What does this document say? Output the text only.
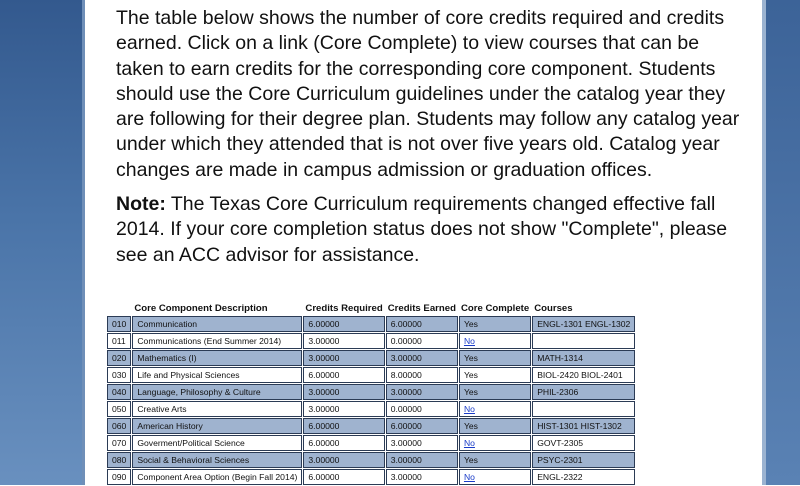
The table below shows the number of core credits required and credits earned. Click on a link (Core Complete) to view courses that can be taken to earn credits for the corresponding core component. Students should use the Core Curriculum guidelines under the catalog year they are following for their degree plan. Students may follow any catalog year under which they attended that is not over five years old. Catalog year changes are made in campus admission or graduation offices.

Note: The Texas Core Curriculum requirements changed effective fall 2014. If your core completion status does not show "Complete", please see an ACC advisor for assistance.

	Core Component Description	Credits Required	Credits Earned	Core Complete	Courses
010	Communication	6.00000	6.00000	Yes	ENGL-1301 ENGL-1302
011	Communications (End Summer 2014)	3.00000	0.00000	No	
020	Mathematics (I)	3.00000	3.00000	Yes	MATH-1314
030	Life and Physical Sciences	6.00000	8.00000	Yes	BIOL-2420 BIOL-2401
040	Language, Philosophy & Culture	3.00000	3.00000	Yes	PHIL-2306
050	Creative Arts	3.00000	0.00000	No	
060	American History	6.00000	6.00000	Yes	HIST-1301 HIST-1302
070	Goverment/Political Science	6.00000	3.00000	No	GOVT-2305
080	Social & Behavioral Sciences	3.00000	3.00000	Yes	PSYC-2301
090	Component Area Option (Begin Fall 2014)	6.00000	3.00000	No	ENGL-2322
